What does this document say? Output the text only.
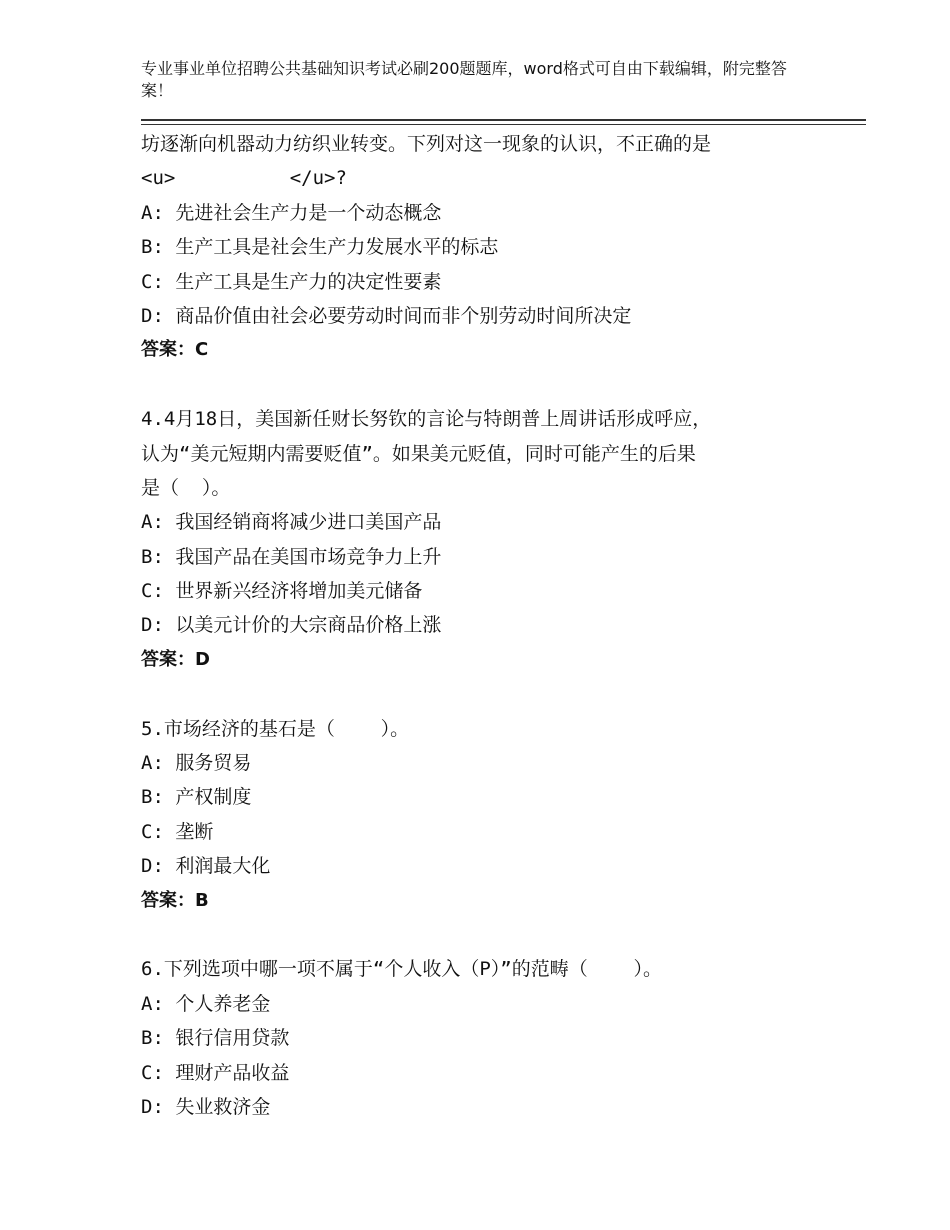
专业事业单位招聘公共基础知识考试必刷200题题库，word格式可自由下载编辑，附完整答案！
坊逐渐向机器动力纺织业转变。下列对这一现象的认识，不正确的是
<u>          </u>?
A: 先进社会生产力是一个动态概念
B: 生产工具是社会生产力发展水平的标志
C: 生产工具是生产力的决定性要素
D: 商品价值由社会必要劳动时间而非个别劳动时间所决定
答案：C
4.4月18日，美国新任财长努钦的言论与特朗普上周讲话形成呼应，
认为“美元短期内需要贬值”。如果美元贬值，同时可能产生的后果
是（  ）。
A: 我国经销商将减少进口美国产品
B: 我国产品在美国市场竞争力上升
C: 世界新兴经济将增加美元储备
D: 以美元计价的大宗商品价格上涨
答案：D
5.市场经济的基石是（    ）。
A: 服务贸易
B: 产权制度
C: 垄断
D: 利润最大化
答案：B
6.下列选项中哪一项不属于“个人收入（P）”的范畴（    ）。
A: 个人养老金
B: 银行信用贷款
C: 理财产品收益
D: 失业救济金
